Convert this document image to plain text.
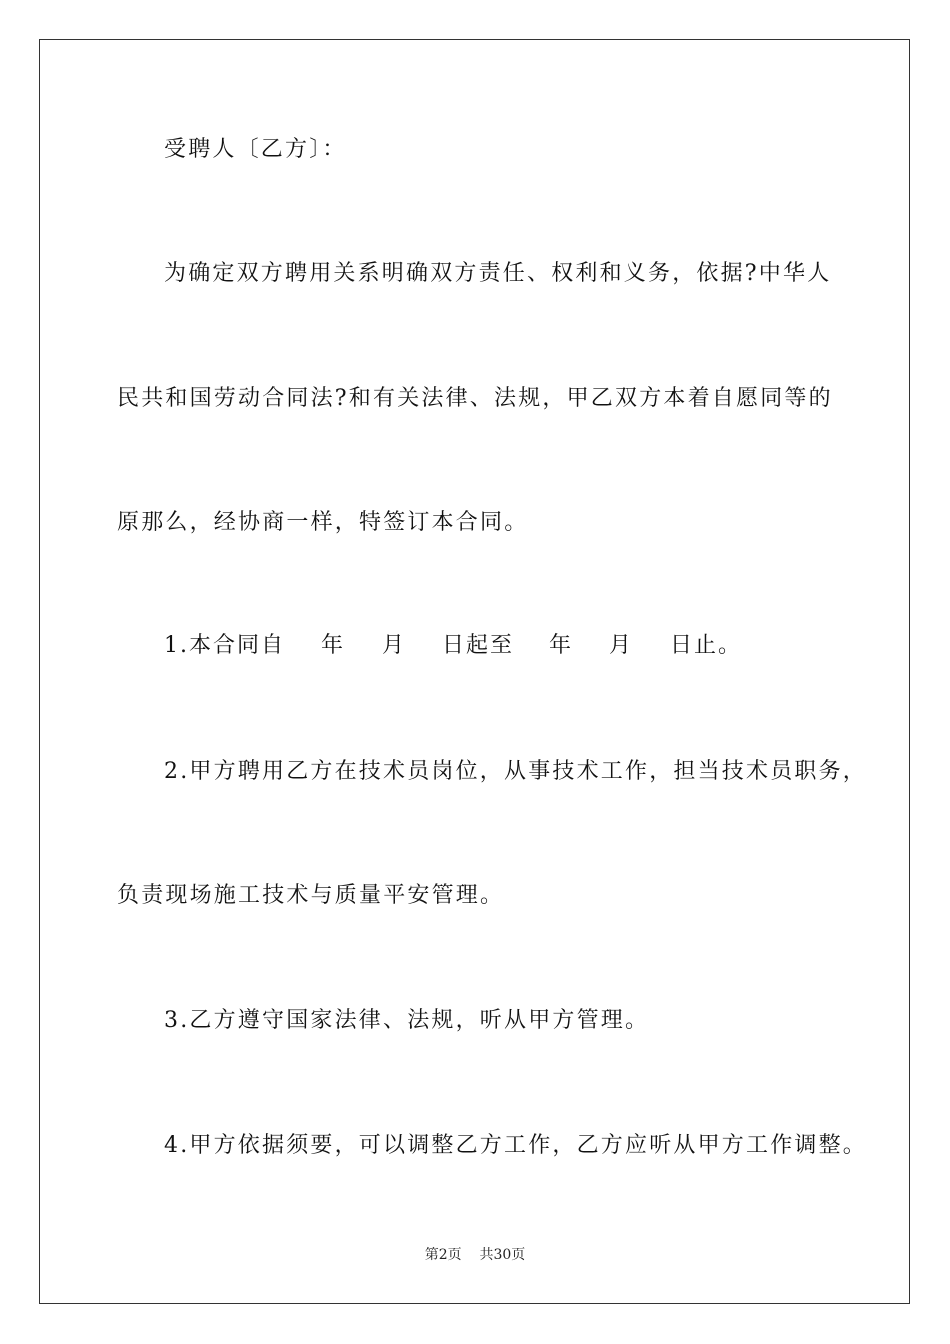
受聘人〔乙方〕：
为确定双方聘用关系明确双方责任、权利和义务，依据?中华人
民共和国劳动合同法?和有关法律、法规，甲乙双方本着自愿同等的
原那么，经协商一样，特签订本合同。
1.本合同自 年 月 日起至 年 月 日止。
2.甲方聘用乙方在技术员岗位，从事技术工作，担当技术员职务，
负责现场施工技术与质量平安管理。
3.乙方遵守国家法律、法规，听从甲方管理。
4.甲方依据须要，可以调整乙方工作，乙方应听从甲方工作调整。
第2页    共30页
